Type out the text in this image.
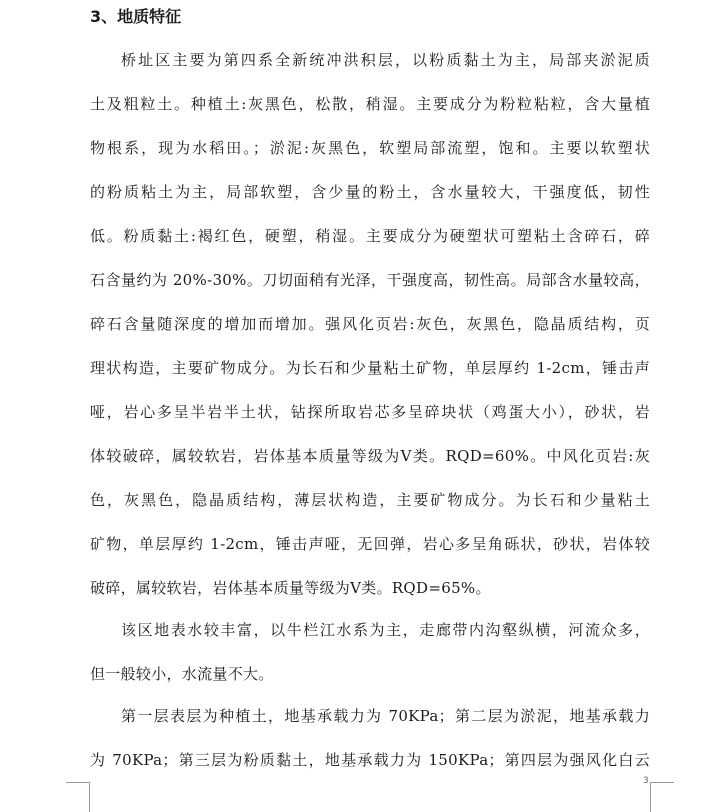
3、地质特征
桥址区主要为第四系全新统冲洪积层，以粉质黏土为主，局部夹淤泥质
土及粗粒土。种植土:灰黑色，松散，稍湿。主要成分为粉粒粘粒，含大量植
物根系，现为水稻田。；淤泥:灰黑色，软塑局部流塑，饱和。主要以软塑状
的粉质粘土为主，局部软塑，含少量的粉土，含水量较大，干强度低，韧性
低。粉质黏土:褐红色，硬塑，稍湿。主要成分为硬塑状可塑粘土含碎石，碎
石含量约为 20%-30%。刀切面稍有光泽，干强度高，韧性高。局部含水量较高，
碎石含量随深度的增加而增加。强风化页岩:灰色，灰黑色，隐晶质结构，页
理状构造，主要矿物成分。为长石和少量粘土矿物，单层厚约 1-2cm，锤击声
哑，岩心多呈半岩半土状，钻探所取岩芯多呈碎块状（鸡蛋大小），砂状，岩
体较破碎，属较软岩，岩体基本质量等级为Ⅴ类。RQD=60%。中风化页岩:灰
色，灰黑色，隐晶质结构，薄层状构造，主要矿物成分。为长石和少量粘土
矿物，单层厚约 1-2cm，锤击声哑，无回弹，岩心多呈角砾状，砂状，岩体较
破碎，属较软岩，岩体基本质量等级为Ⅴ类。RQD=65%。
该区地表水较丰富，以牛栏江水系为主，走廊带内沟壑纵横，河流众多，
但一般较小，水流量不大。
第一层表层为种植土，地基承载力为 70KPa；第二层为淤泥，地基承载力
为 70KPa；第三层为粉质黏土，地基承载力为 150KPa；第四层为强风化白云
3
